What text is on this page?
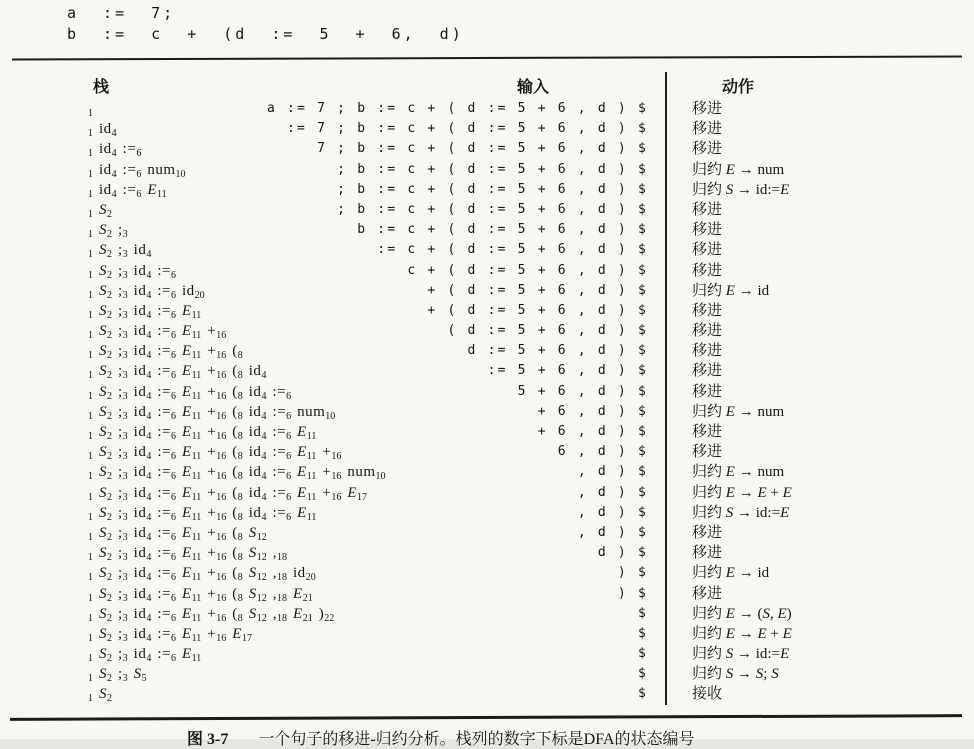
a := 7;
b := c + (d := 5 + 6, d)
栈	输入	动作
$_1$	a := 7 ; b := c + ( d := 5 + 6 , d ) $	移进
$_1$ $id_4$	:= 7 ; b := c + ( d := 5 + 6 , d ) $	移进
$_1$ $id_4$ $:=_6$	7 ; b := c + ( d := 5 + 6 , d ) $	移进
$_1$ $id_4$ $:=_6$ num$_{10}$	; b := c + ( d := 5 + 6 , d ) $	归约 E → num
$_1$ $id_4$ $:=_6$ $E_{11}$	; b := c + ( d := 5 + 6 , d ) $	归约 S → id:=E
$_1$ $S_2$	; b := c + ( d := 5 + 6 , d ) $	移进
$_1$ $S_2$ $;_3$	b := c + ( d := 5 + 6 , d ) $	移进
$_1$ $S_2$ $;_3$ $id_4$	:= c + ( d := 5 + 6 , d ) $	移进
$_1$ $S_2$ $;_3$ $id_4$ $:=_6$	c + ( d := 5 + 6 , d ) $	移进
$_1$ $S_2$ $;_3$ $id_4$ $:=_6$ $id_{20}$	+ ( d := 5 + 6 , d ) $	归约 E → id
$_1$ $S_2$ $;_3$ $id_4$ $:=_6$ $E_{11}$	+ ( d := 5 + 6 , d ) $	移进
$_1$ $S_2$ $;_3$ $id_4$ $:=_6$ $E_{11} +_{16}$	( d := 5 + 6 , d ) $	移进
$_1$ $S_2$ $;_3$ $id_4$ $:=_6$ $E_{11} +_{16}$ ($_8$	d := 5 + 6 , d ) $	移进
$_1$ $S_2$ $;_3$ $id_4$ $:=_6$ $E_{11} +_{16}$ ($_8$ $id_4$	:= 5 + 6 , d ) $	移进
$_1$ $S_2$ $;_3$ $id_4$ $:=_6$ $E_{11} +_{16}$ ($_8$ $id_4$ $:=_6$	5 + 6 , d ) $	移进
$_1$ $S_2$ $;_3$ $id_4$ $:=_6$ $E_{11} +_{16}$ ($_8$ $id_4$ $:=_6$ num$_{10}$	+ 6 , d ) $	归约 E → num
$_1$ $S_2$ $;_3$ $id_4$ $:=_6$ $E_{11} +_{16}$ ($_8$ $id_4$ $:=_6$ $E_{11}$	+ 6 , d ) $	移进
$_1$ $S_2$ $;_3$ $id_4$ $:=_6$ $E_{11} +_{16}$ ($_8$ $id_4$ $:=_6$ $E_{11} +_{16}$	6 , d ) $	移进
$_1$ $S_2$ $;_3$ $id_4$ $:=_6$ $E_{11} +_{16}$ ($_8$ $id_4$ $:=_6$ $E_{11} +_{16}$ num$_{10}$	, d ) $	归约 E → num
$_1$ $S_2$ $;_3$ $id_4$ $:=_6$ $E_{11} +_{16}$ ($_8$ $id_4$ $:=_6$ $E_{11} +_{16}$ $E_{17}$	, d ) $	归约 E → E + E
$_1$ $S_2$ $;_3$ $id_4$ $:=_6$ $E_{11} +_{16}$ ($_8$ $id_4$ $:=_6$ $E_{11}$	, d ) $	归约 S → id:=E
$_1$ $S_2$ $;_3$ $id_4$ $:=_6$ $E_{11} +_{16}$ ($_8$ $S_{12}$	, d ) $	移进
$_1$ $S_2$ $;_3$ $id_4$ $:=_6$ $E_{11} +_{16}$ ($_8$ $S_{12}$ $,_{18}$	d ) $	移进
$_1$ $S_2$ $;_3$ $id_4$ $:=_6$ $E_{11} +_{16}$ ($_8$ $S_{12}$ $,_{18}$ $id_{20}$	) $	归约 E → id
$_1$ $S_2$ $;_3$ $id_4$ $:=_6$ $E_{11} +_{16}$ ($_8$ $S_{12}$ $,_{18}$ $E_{21}$	) $	移进
$_1$ $S_2$ $;_3$ $id_4$ $:=_6$ $E_{11} +_{16}$ ($_8$ $S_{12}$ $,_{18}$ $E_{21}$ )$_{22}$	$	归约 E → (S, E)
$_1$ $S_2$ $;_3$ $id_4$ $:=_6$ $E_{11} +_{16}$ $E_{17}$	$	归约 E → E + E
$_1$ $S_2$ $;_3$ $id_4$ $:=_6$ $E_{11}$	$	归约 S → id:=E
$_1$ $S_2$ $;_3$ $S_5$	$	归约 S → S; S
$_1$ $S_2$	$	接收
图 3-7 一个句子的移进-归约分析。栈列的数字下标是DFA的状态编号
